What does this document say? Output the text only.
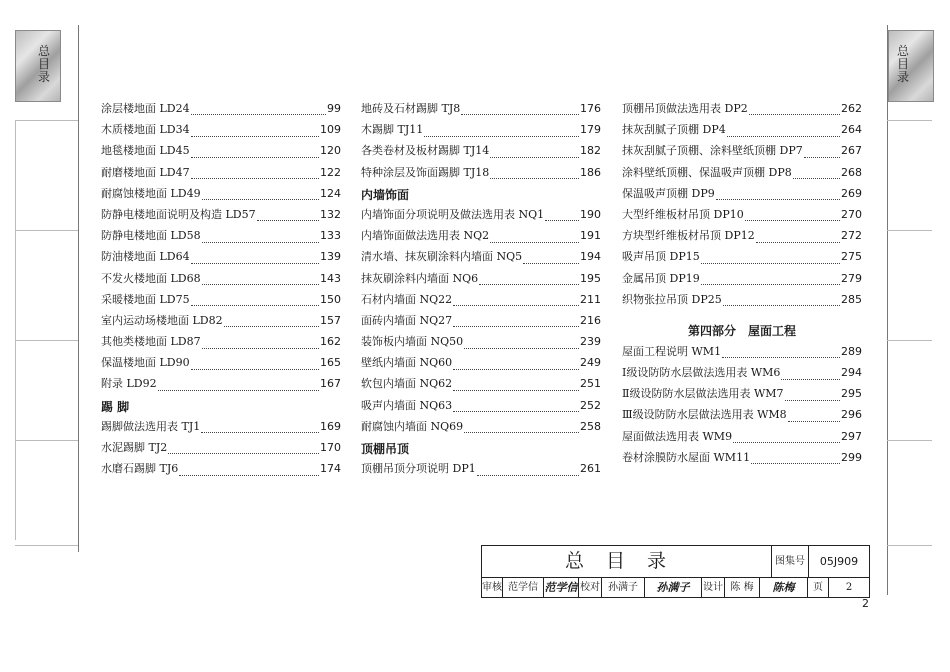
总目录
总目录
涂层楼地面 LD24	99
木质楼地面 LD34	109
地毯楼地面 LD45	120
耐磨楼地面 LD47	122
耐腐蚀楼地面 LD49	124
防静电楼地面说明及构造 LD57	132
防静电楼地面 LD58	133
防油楼地面 LD64	139
不发火楼地面 LD68	143
采暖楼地面 LD75	150
室内运动场楼地面 LD82	157
其他类楼地面 LD87	162
保温楼地面 LD90	165
附录 LD92	167
踢 脚
踢脚做法选用表 TJ1	169
水泥踢脚 TJ2	170
水磨石踢脚 TJ6	174
地砖及石材踢脚 TJ8	176
木踢脚 TJ11	179
各类卷材及板材踢脚 TJ14	182
特种涂层及饰面踢脚 TJ18	186
内墙饰面
内墙饰面分项说明及做法选用表 NQ1	190
内墙饰面做法选用表 NQ2	191
清水墙、抹灰刷涂料内墙面 NQ5	194
抹灰刷涂料内墙面 NQ6	195
石材内墙面 NQ22	211
面砖内墙面 NQ27	216
装饰板内墙面 NQ50	239
壁纸内墙面 NQ60	249
软包内墙面 NQ62	251
吸声内墙面 NQ63	252
耐腐蚀内墙面 NQ69	258
顶棚吊顶
顶棚吊顶分项说明 DP1	261
顶棚吊顶做法选用表 DP2	262
抹灰刮腻子顶棚 DP4	264
抹灰刮腻子顶棚、涂料壁纸顶棚 DP7	267
涂料壁纸顶棚、保温吸声顶棚 DP8	268
保温吸声顶棚 DP9	269
大型纤维板材吊顶 DP10	270
方块型纤维板材吊顶 DP12	272
吸声吊顶 DP15	275
金属吊顶 DP19	279
织物张拉吊顶 DP25	285
第四部分　屋面工程
屋面工程说明 WM1	289
Ⅰ级设防防水层做法选用表 WM6	294
Ⅱ级设防防水层做法选用表 WM7	295
Ⅲ级设防防水层做法选用表 WM8	296
屋面做法选用表 WM9	297
卷材涂膜防水屋面 WM11	299
总目录	图集号	05J909
审核 范学信 范学信 校对 孙满子	孙满子	设计 陈 梅	陈梅	页	2
2
